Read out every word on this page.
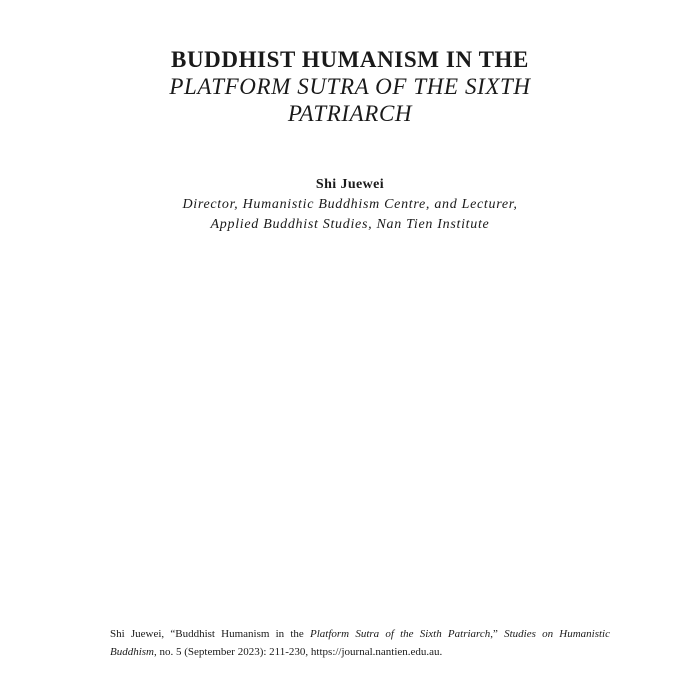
BUDDHIST HUMANISM IN THE
PLATFORM SUTRA OF THE SIXTH
PATRIARCH
Shi Juewei
Director, Humanistic Buddhism Centre, and Lecturer,
Applied Buddhist Studies, Nan Tien Institute
Shi Juewei, “Buddhist Humanism in the Platform Sutra of the Sixth Patriarch,” Studies on Humanistic Buddhism, no. 5 (September 2023): 211-230, https://journal.nantien.edu.au.
